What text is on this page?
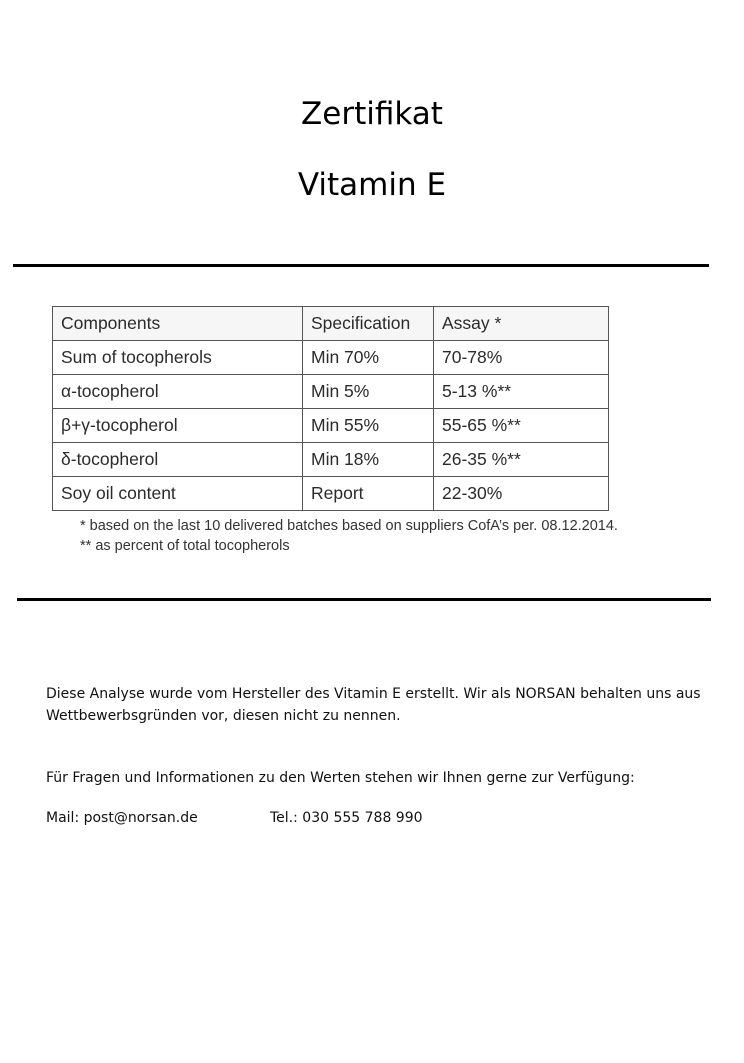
Zertifikat
Vitamin E
Components	Specification	Assay *
Sum of tocopherols	Min 70%	70-78%
α-tocopherol	Min 5%	5-13 %**
β+γ-tocopherol	Min 55%	55-65 %**
δ-tocopherol	Min 18%	26-35 %**
Soy oil content	Report	22-30%
* based on the last 10 delivered batches based on suppliers CofA’s per. 08.12.2014.
** as percent of total tocopherols
Diese Analyse wurde vom Hersteller des Vitamin E erstellt. Wir als NORSAN behalten uns aus Wettbewerbsgründen vor, diesen nicht zu nennen.
Für Fragen und Informationen zu den Werten stehen wir Ihnen gerne zur Verfügung:
Mail: post@norsan.de	Tel.: 030 555 788 990
